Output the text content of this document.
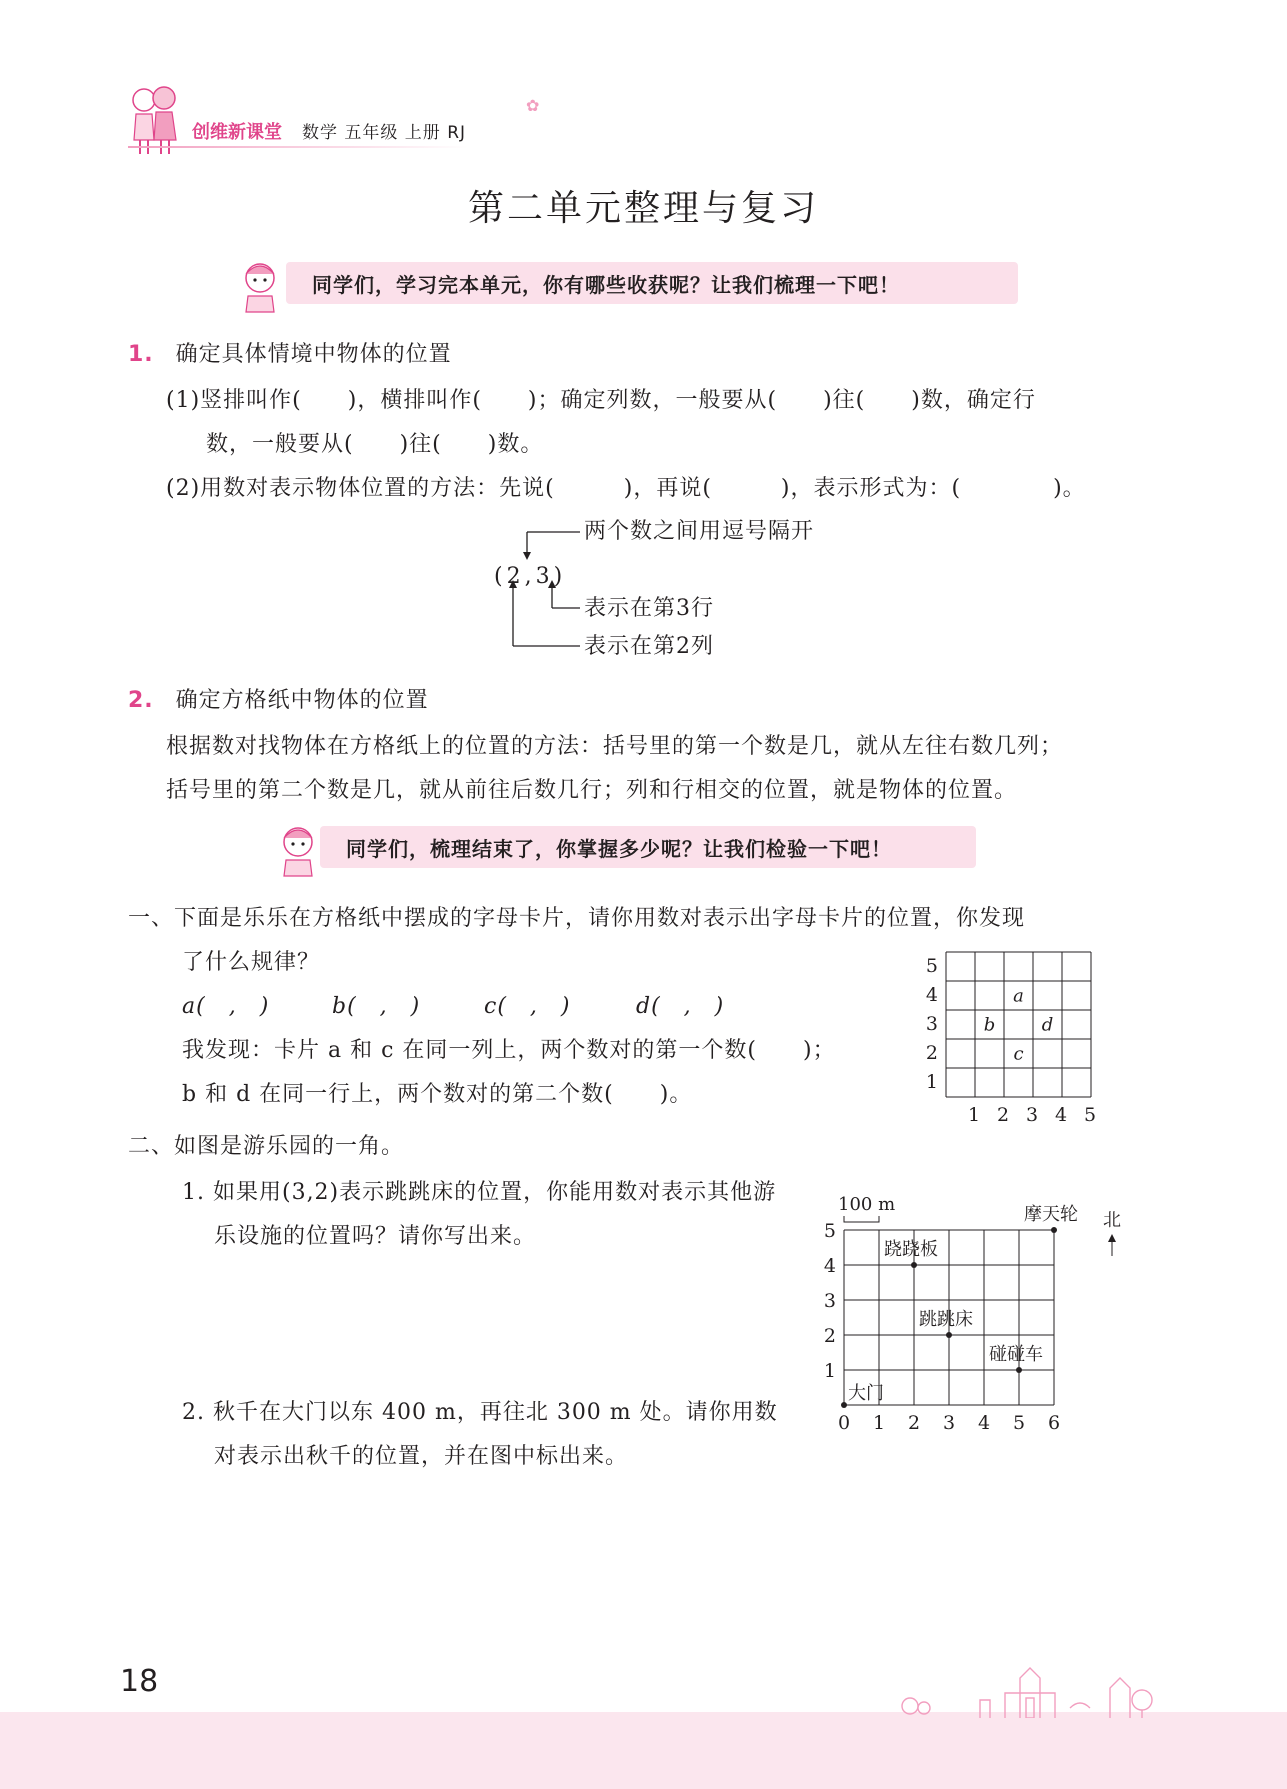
创维新课堂 数学 五年级 上册 RJ
✿
第二单元整理与复习
同学们，学习完本单元，你有哪些收获呢？让我们梳理一下吧！
1. 确定具体情境中物体的位置
(1)竖排叫作(　　)，横排叫作(　　)；确定列数，一般要从(　　)往(　　)数，确定行
数，一般要从(　　)往(　　)数。
(2)用数对表示物体位置的方法：先说(　　　)，再说(　　　)，表示形式为：(　　　　)。
两个数之间用逗号隔开
(2,3)
表示在第3行
表示在第2列
2. 确定方格纸中物体的位置
根据数对找物体在方格纸上的位置的方法：括号里的第一个数是几，就从左往右数几列；
括号里的第二个数是几，就从前往后数几行；列和行相交的位置，就是物体的位置。
同学们，梳理结束了，你掌握多少呢？让我们检验一下吧！
一、下面是乐乐在方格纸中摆成的字母卡片，请你用数对表示出字母卡片的位置，你发现
了什么规律？
a(　,　)	b(　,　)	c(　,　)	d(　,　)
我发现：卡片 a 和 c 在同一列上，两个数对的第一个数(　　)；
b 和 d 在同一行上，两个数对的第二个数(　　)。
5
4
3
2
1
1 2 3 4 5
a
b	d
c
二、如图是游乐园的一角。
1. 如果用(3,2)表示跳跳床的位置，你能用数对表示其他游
乐设施的位置吗？请你写出来。
2. 秋千在大门以东 400 m，再往北 300 m 处。请你用数
对表示出秋千的位置，并在图中标出来。
100 m
北
0 1 2 3 4 5 6
1
2
3
4
5
大门
跷跷板
跳跳床
碰碰车
摩天轮
18
